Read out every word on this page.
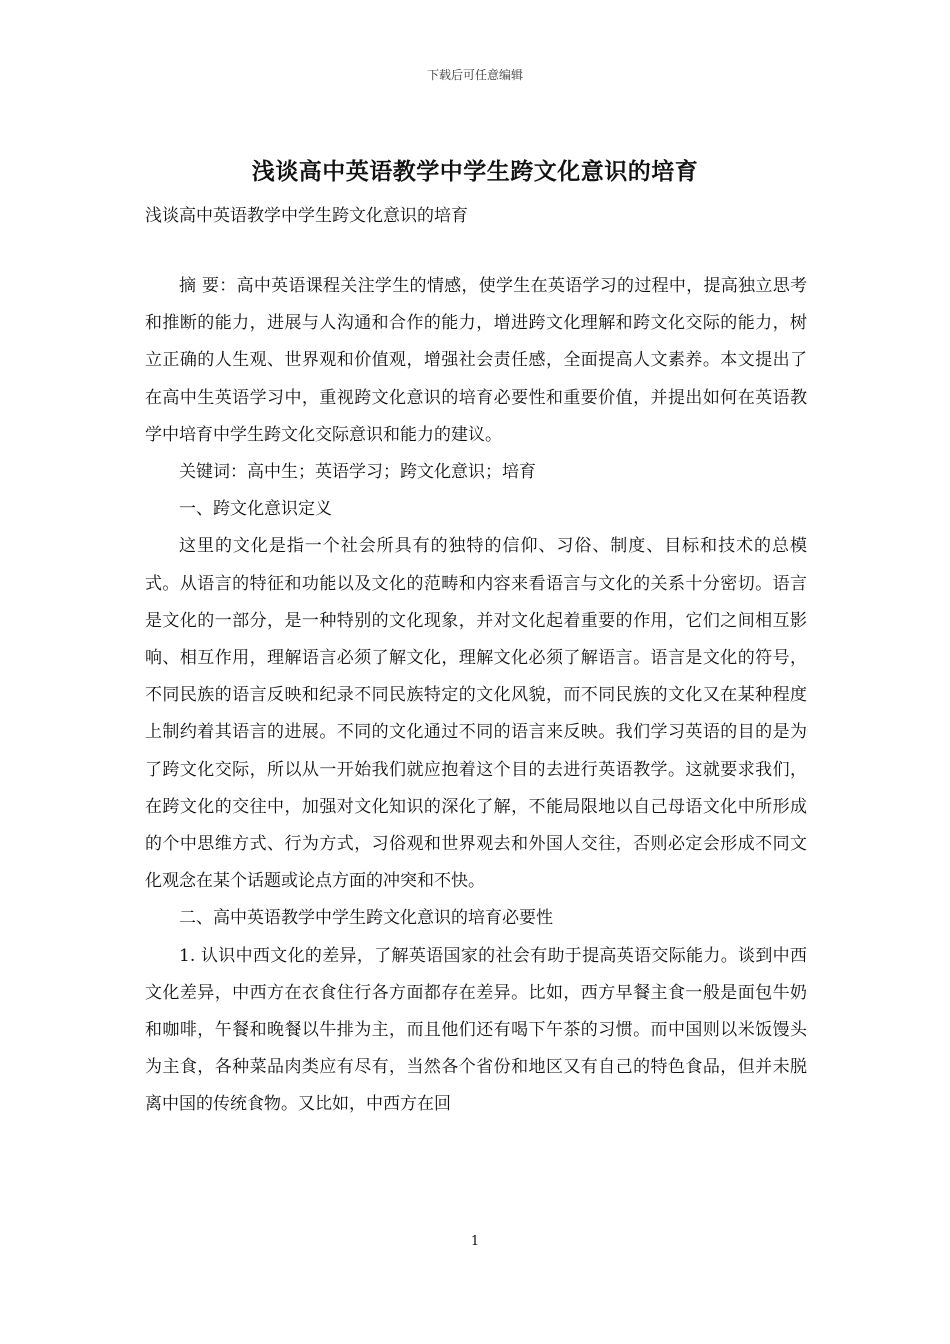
下载后可任意编辑
浅谈高中英语教学中学生跨文化意识的培育
浅谈高中英语教学中学生跨文化意识的培育

摘 要：高中英语课程关注学生的情感，使学生在英语学习的过程中，提高独立思考和推断的能力，进展与人沟通和合作的能力，增进跨文化理解和跨文化交际的能力，树立正确的人生观、世界观和价值观，增强社会责任感，全面提高人文素养。本文提出了在高中生英语学习中，重视跨文化意识的培育必要性和重要价值，并提出如何在英语教学中培育中学生跨文化交际意识和能力的建议。

关键词：高中生；英语学习；跨文化意识；培育

一、跨文化意识定义

这里的文化是指一个社会所具有的独特的信仰、习俗、制度、目标和技术的总模式。从语言的特征和功能以及文化的范畴和内容来看语言与文化的关系十分密切。语言是文化的一部分，是一种特别的文化现象，并对文化起着重要的作用，它们之间相互影响、相互作用，理解语言必须了解文化，理解文化必须了解语言。语言是文化的符号，不同民族的语言反映和纪录不同民族特定的文化风貌，而不同民族的文化又在某种程度上制约着其语言的进展。不同的文化通过不同的语言来反映。我们学习英语的目的是为了跨文化交际，所以从一开始我们就应抱着这个目的去进行英语教学。这就要求我们，在跨文化的交往中，加强对文化知识的深化了解，不能局限地以自己母语文化中所形成的个中思维方式、行为方式，习俗观和世界观去和外国人交往，否则必定会形成不同文化观念在某个话题或论点方面的冲突和不快。

二、高中英语教学中学生跨文化意识的培育必要性

1. 认识中西文化的差异，了解英语国家的社会有助于提高英语交际能力。谈到中西文化差异，中西方在衣食住行各方面都存在差异。比如，西方早餐主食一般是面包牛奶和咖啡，午餐和晚餐以牛排为主，而且他们还有喝下午茶的习惯。而中国则以米饭馒头为主食，各种菜品肉类应有尽有，当然各个省份和地区又有自己的特色食品，但并未脱离中国的传统食物。又比如，中西方在回

1
